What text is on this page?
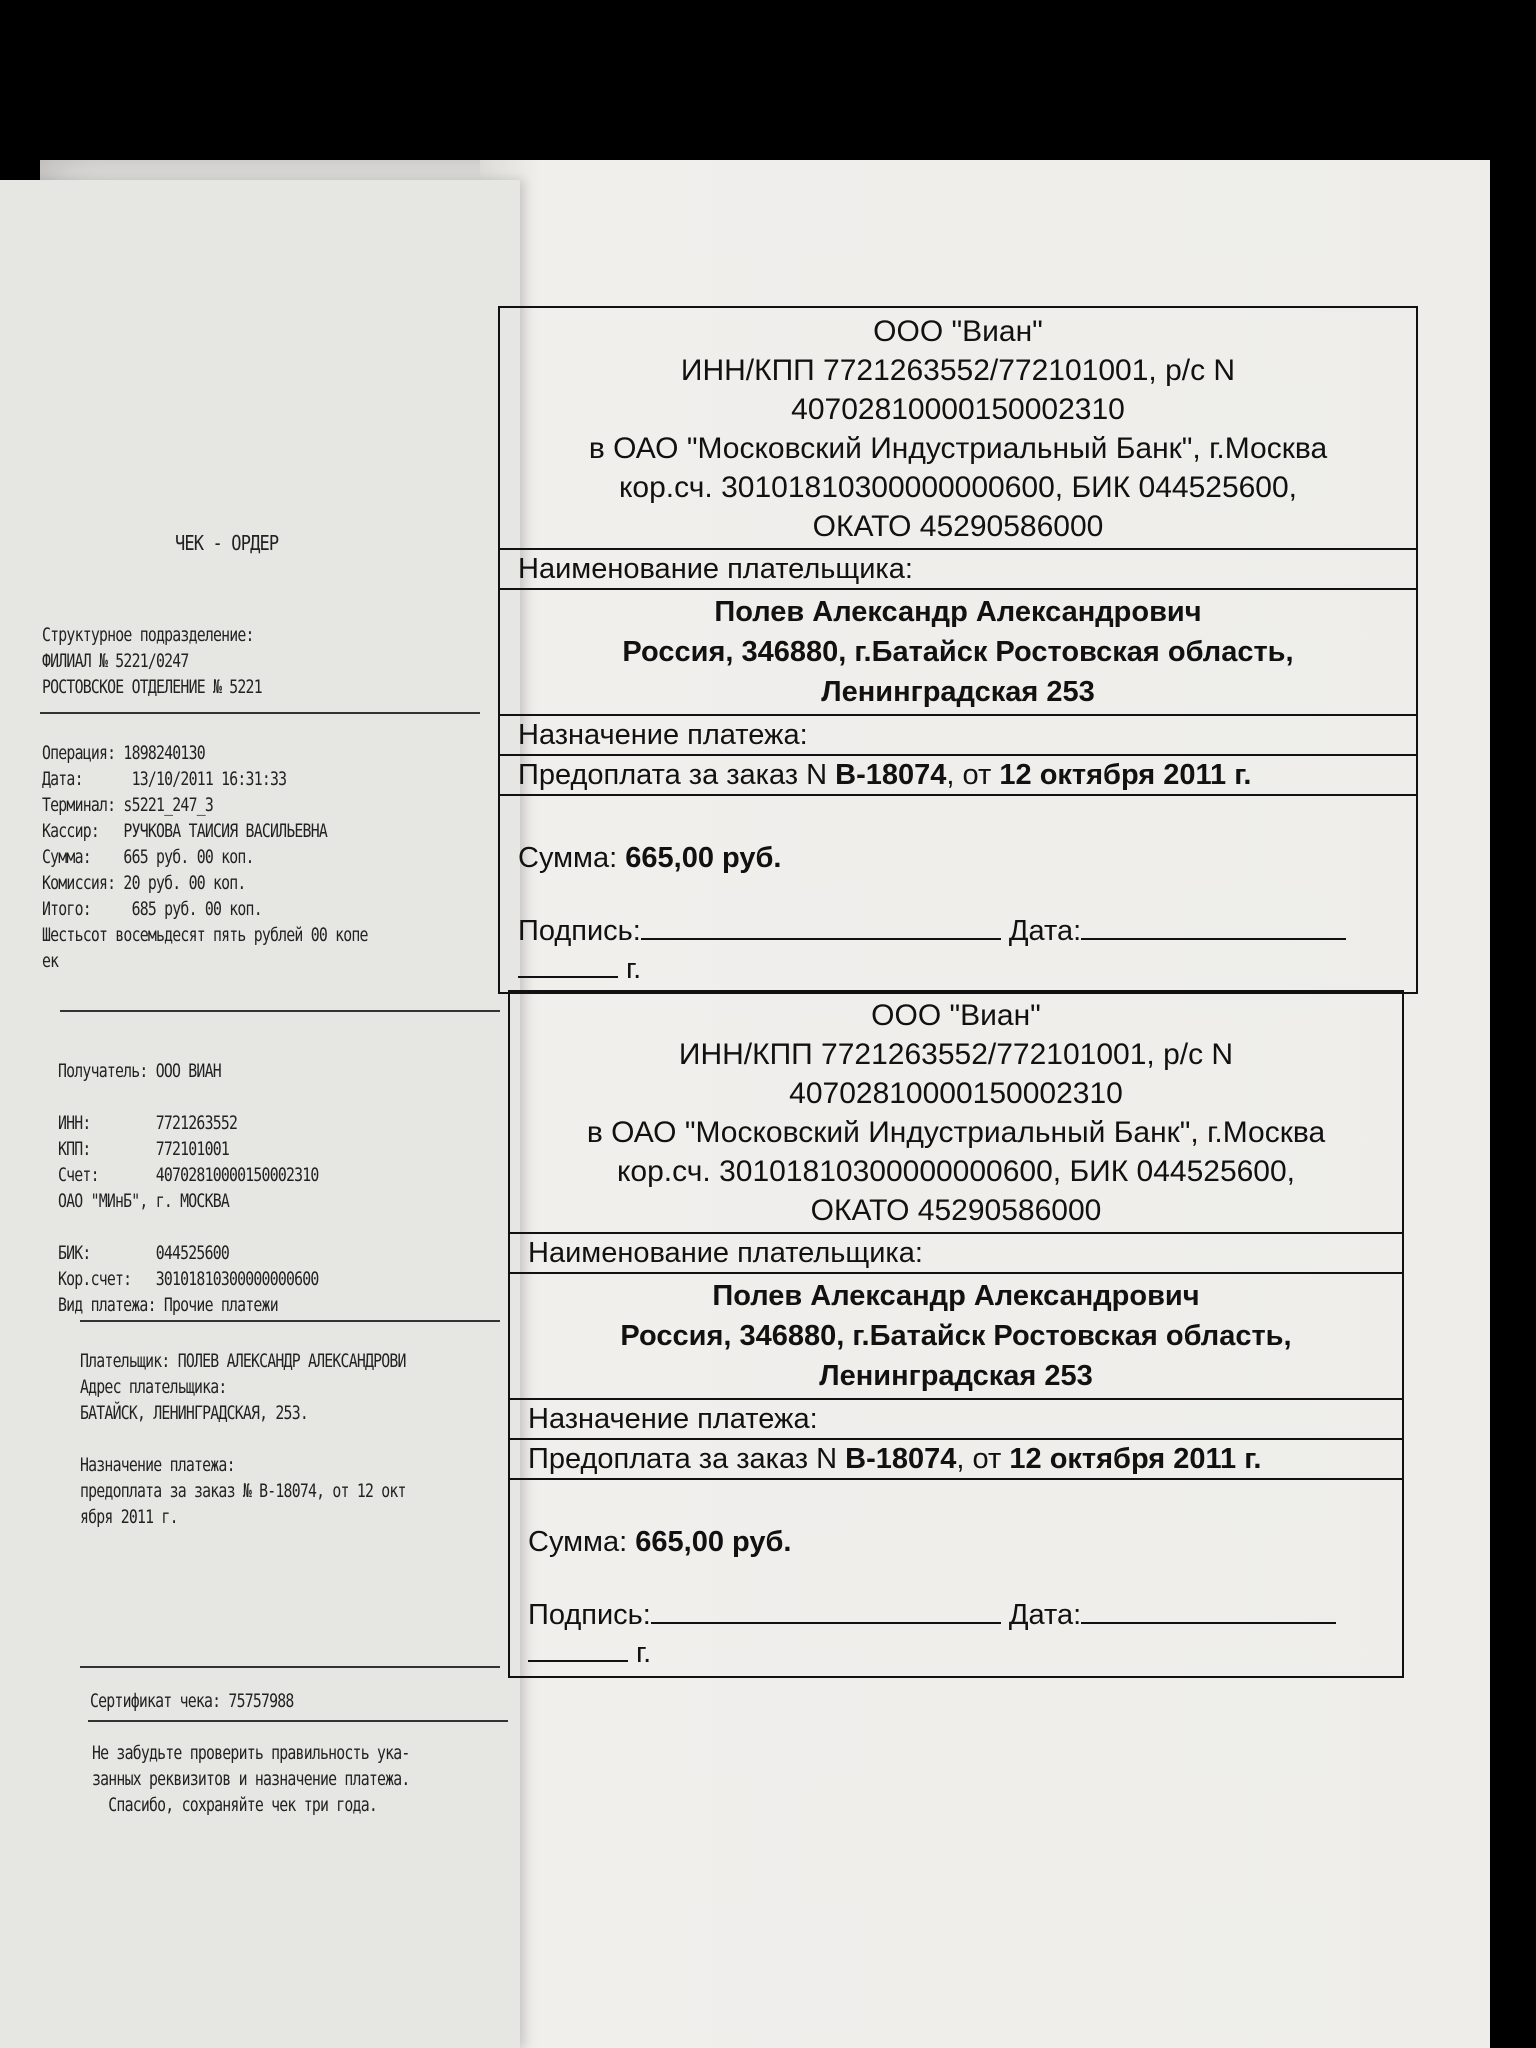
ЧЕК - ОРДЕР
Структурное подразделение:
ФИЛИАЛ № 5221/0247
РОСТОВСКОЕ ОТДЕЛЕНИЕ № 5221
Операция: 1898240130
Дата:      13/10/2011 16:31:33
Терминал: s5221_247_3
Кассир:   РУЧКОВА ТАИСИЯ ВАСИЛЬЕВНА
Сумма:    665 руб. 00 коп.
Комиссия: 20 руб. 00 коп.
Итого:     685 руб. 00 коп.
Шестьсот восемьдесят пять рублей 00 копе
ек
Получатель: ООО ВИАН

ИНН:        7721263552
КПП:        772101001
Счет:       40702810000150002310
ОАО "МИнБ", г. МОСКВА

БИК:        044525600
Кор.счет:   30101810300000000600
Вид платежа: Прочие платежи
Плательщик: ПОЛЕВ АЛЕКСАНДР АЛЕКСАНДРОВИ
Адрес плательщика:
БАТАЙСК, ЛЕНИНГРАДСКАЯ, 253.

Назначение платежа:
предоплата за заказ № В-18074, от 12 окт
ября 2011 г.
Сертификат чека: 75757988
Не забудьте проверить правильность ука-
занных реквизитов и назначение платежа.
Спасибо, сохраняйте чек три года.
ООО "Виан"
ИНН/КПП 7721263552/772101001, р/с N
40702810000150002310
в ОАО "Московский Индустриальный Банк", г.Москва
кор.сч. 30101810300000000600, БИК 044525600,
ОКАТО 45290586000
Наименование плательщика:
Полев Александр Александрович
Россия, 346880, г.Батайск Ростовская область,
Ленинградская 253
Назначение платежа:
Предоплата за заказ N В-18074, от 12 октября 2011 г.
Сумма: 665,00 руб.
Подпись:	Дата:
г.
ООО "Виан"
ИНН/КПП 7721263552/772101001, р/с N
40702810000150002310
в ОАО "Московский Индустриальный Банк", г.Москва
кор.сч. 30101810300000000600, БИК 044525600,
ОКАТО 45290586000
Наименование плательщика:
Полев Александр Александрович
Россия, 346880, г.Батайск Ростовская область,
Ленинградская 253
Назначение платежа:
Предоплата за заказ N В-18074, от 12 октября 2011 г.
Сумма: 665,00 руб.
Подпись:	Дата:
г.
